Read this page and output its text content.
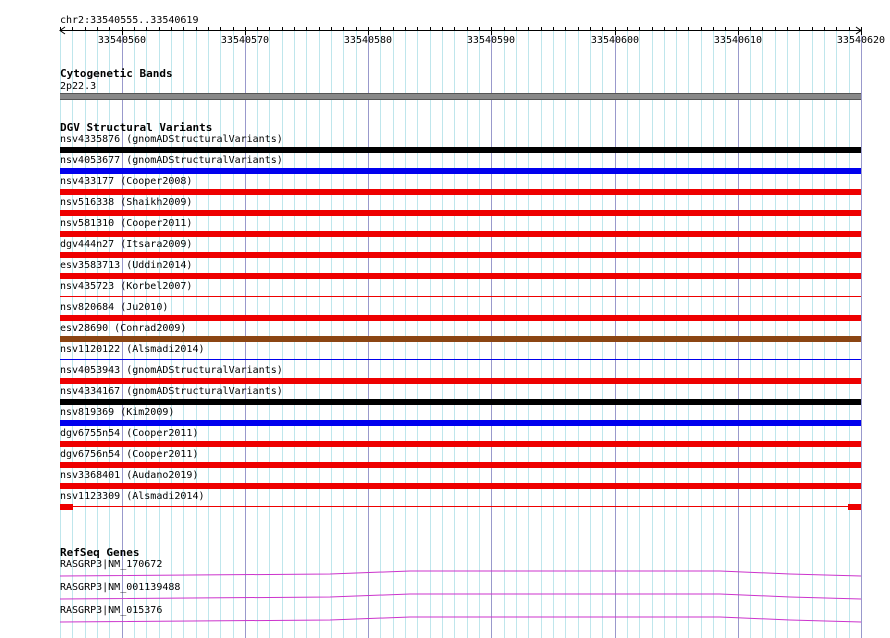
chr2:33540555..33540619
33540560	33540570	33540580	33540590	33540600	33540610	33540620
Cytogenetic Bands
2p22.3
DGV Structural Variants
nsv4335876 (gnomADStructuralVariants)
nsv4053677 (gnomADStructuralVariants)
nsv433177 (Cooper2008)
nsv516338 (Shaikh2009)
nsv581310 (Cooper2011)
dgv444n27 (Itsara2009)
esv3583713 (Uddin2014)
nsv435723 (Korbel2007)
nsv820684 (Ju2010)
esv28690 (Conrad2009)
nsv1120122 (Alsmadi2014)
nsv4053943 (gnomADStructuralVariants)
nsv4334167 (gnomADStructuralVariants)
nsv819369 (Kim2009)
dgv6755n54 (Cooper2011)
dgv6756n54 (Cooper2011)
nsv3368401 (Audano2019)
nsv1123309 (Alsmadi2014)
RefSeq Genes
RASGRP3|NM_170672
RASGRP3|NM_001139488
RASGRP3|NM_015376
